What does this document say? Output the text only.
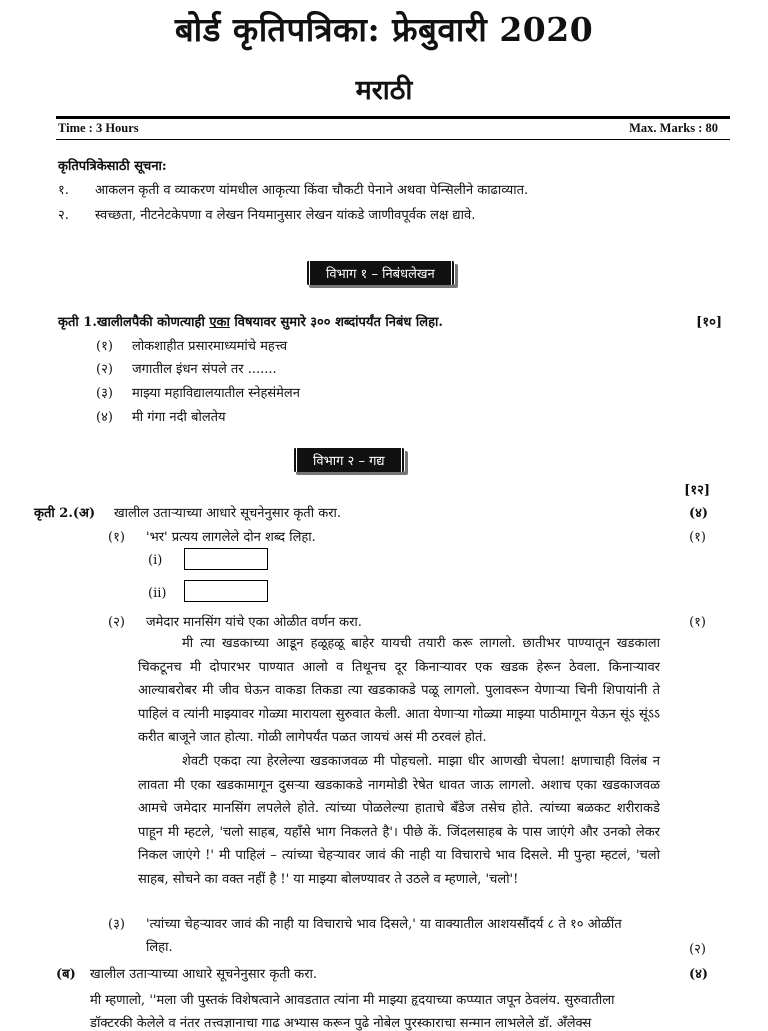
बोर्ड कृतिपत्रिका: फ्रेबुवारी 2020
मराठी
Time : 3 Hours	Max. Marks : 80
कृतिपत्रिकेसाठी सूचना:
१. आकलन कृती व व्याकरण यांमधील आकृत्या किंवा चौकटी पेनाने अथवा पेन्सिलीने काढाव्यात.
२. स्वच्छता, नीटनेटकेपणा व लेखन नियमानुसार लेखन यांकडे जाणीवपूर्वक लक्ष द्यावे.
विभाग १ – निबंधलेखन
कृती 1.खालीलपैकी कोणत्याही एका विषयावर सुमारे ३०० शब्दांपर्यंत निबंध लिहा.	[१०]
(१) लोकशाहीत प्रसारमाध्यमांचे महत्त्व
(२) जगातील इंधन संपले तर .......
(३) माझ्या महाविद्यालयातील स्नेहसंमेलन
(४) मी गंगा नदी बोलतेय
विभाग २ – गद्य
[१२]
कृती 2.(अ) खालील उताऱ्याच्या आधारे सूचनेनुसार कृती करा.	(४)
(१) 'भर' प्रत्यय लागलेले दोन शब्द लिहा.	(१)
(i)
(ii)
(२) जमेदार मानसिंग यांचे एका ओळीत वर्णन करा.	(१)

मी त्या खडकाच्या आडून हळूहळू बाहेर यायची तयारी करू लागलो. छातीभर पाण्यातून खडकाला चिकटूनच मी दोपारभर पाण्यात आलो व तिथूनच दूर किनाऱ्यावर एक खडक हेरून ठेवला. किनाऱ्यावर आल्याबरोबर मी जीव घेऊन वाकडा तिकडा त्या खडकाकडे पळू लागलो. पुलावरून येणाऱ्या चिनी शिपायांनी ते पाहिलं व त्यांनी माझ्यावर गोळ्या मारायला सुरुवात केली. आता येणाऱ्या गोळ्या माझ्या पाठीमागून येऊन सूंऽ सूंऽऽ करीत बाजूने जात होत्या. गोळी लागेपर्यंत पळत जायचं असं मी ठरवलं होतं.

शेवटी एकदा त्या हेरलेल्या खडकाजवळ मी पोहचलो. माझा धीर आणखी चेपला! क्षणाचाही विलंब न लावता मी एका खडकामागून दुसऱ्या खडकाकडे नागमोडी रेषेत धावत जाऊ लागलो. अशाच एका खडकाजवळ आमचे जमेदार मानसिंग लपलेले होते. त्यांच्या पोळलेल्या हाताचे बँडेज तसेच होते. त्यांच्या बळकट शरीराकडे पाहून मी म्हटले, 'चलो साहब, यहाँसे भाग निकलते है'। पीछे कें. जिंदलसाहब के पास जाएंगे और उनको लेकर निकल जाएंगे !' मी पाहिलं – त्यांच्या चेहऱ्यावर जावं की नाही या विचाराचे भाव दिसले. मी पुन्हा म्हटलं, 'चलो साहब, सोचने का वक्त नहीं है !' या माझ्या बोलण्यावर ते उठले व म्हणाले, 'चलो'!

(३) 'त्यांच्या चेहऱ्यावर जावं की नाही या विचाराचे भाव दिसले,' या वाक्यातील आशयसौंदर्य ८ ते १० ओळींत
लिहा.	(२)
(ब) खालील उताऱ्याच्या आधारे सूचनेनुसार कृती करा.	(४)
मी म्हणालो, ''मला जी पुस्तकं विशेषत्वाने आवडतात त्यांना मी माझ्या हृदयाच्या कप्प्यात जपून ठेवलंय. सुरुवातीला
डॉक्टरकी केलेले व नंतर तत्त्वज्ञानाचा गाढ अभ्यास करून पुढे नोबेल पुरस्काराचा सन्मान लाभलेले डॉ. अँलेक्स
